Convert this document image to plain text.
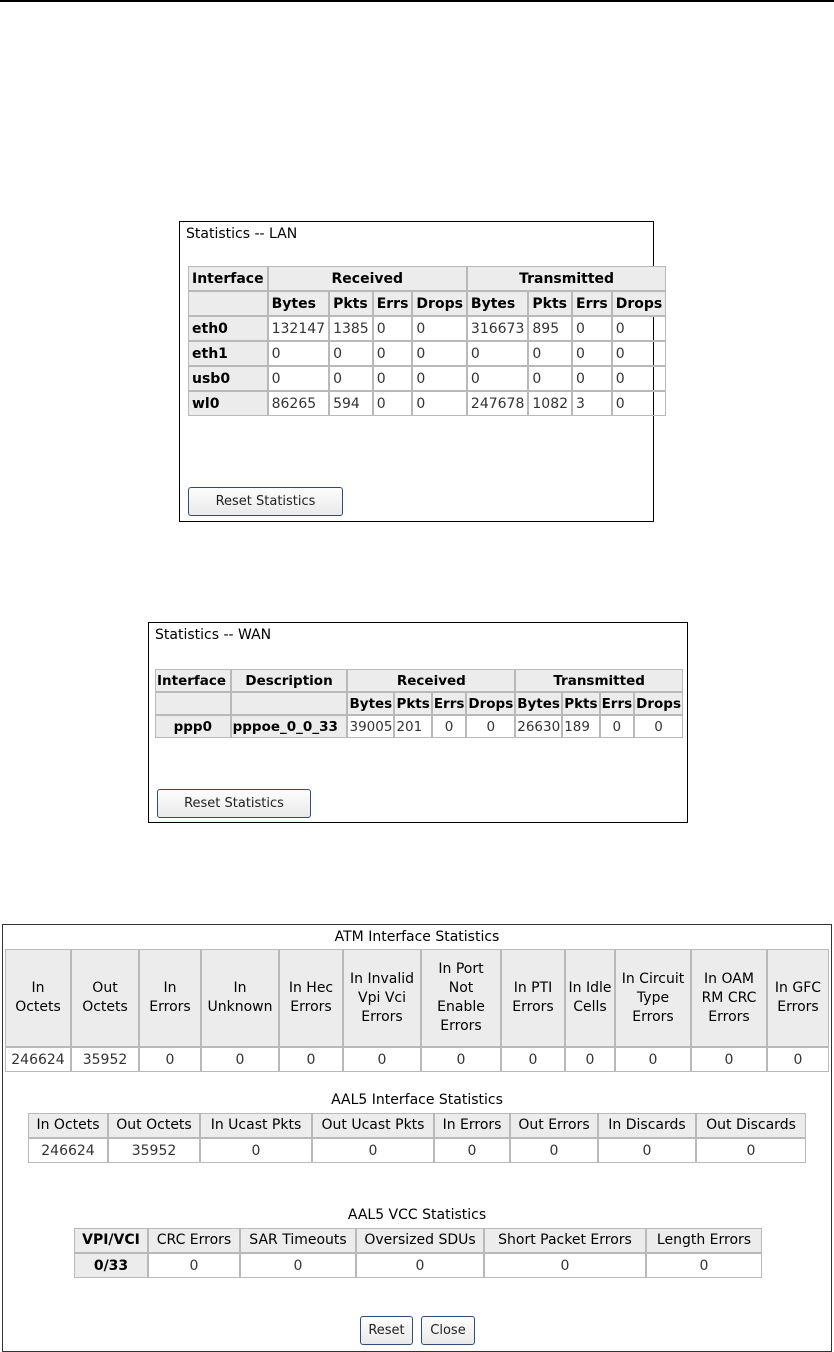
Statistics -- LAN
Interface	Received				Transmitted			
	Bytes	Pkts	Errs	Drops	Bytes	Pkts	Errs	Drops
eth0	132147	1385	0	0	316673	895	0	0
eth1	0	0	0	0	0	0	0	0
usb0	0	0	0	0	0	0	0	0
wl0	86265	594	0	0	247678	1082	3	0
Reset Statistics
Statistics -- WAN
Interface	Description	Received				Transmitted			
		Bytes	Pkts	Errs	Drops	Bytes	Pkts	Errs	Drops
ppp0	pppoe_0_0_33	39005	201	0	0	26630	189	0	0
Reset Statistics
ATM Interface Statistics
In Octets	Out Octets	In Errors	In Unknown	In Hec Errors	In Invalid Vpi Vci Errors	In Port Not Enable Errors	In PTI Errors	In Idle Cells	In Circuit Type Errors	In OAM RM CRC Errors	In GFC Errors
246624	35952	0	0	0	0	0	0	0	0	0	0
AAL5 Interface Statistics
In Octets	Out Octets	In Ucast Pkts	Out Ucast Pkts	In Errors	Out Errors	In Discards	Out Discards
246624	35952	0	0	0	0	0	0
AAL5 VCC Statistics
VPI/VCI	CRC Errors	SAR Timeouts	Oversized SDUs	Short Packet Errors	Length Errors
0/33	0	0	0	0	0
Reset	Close
